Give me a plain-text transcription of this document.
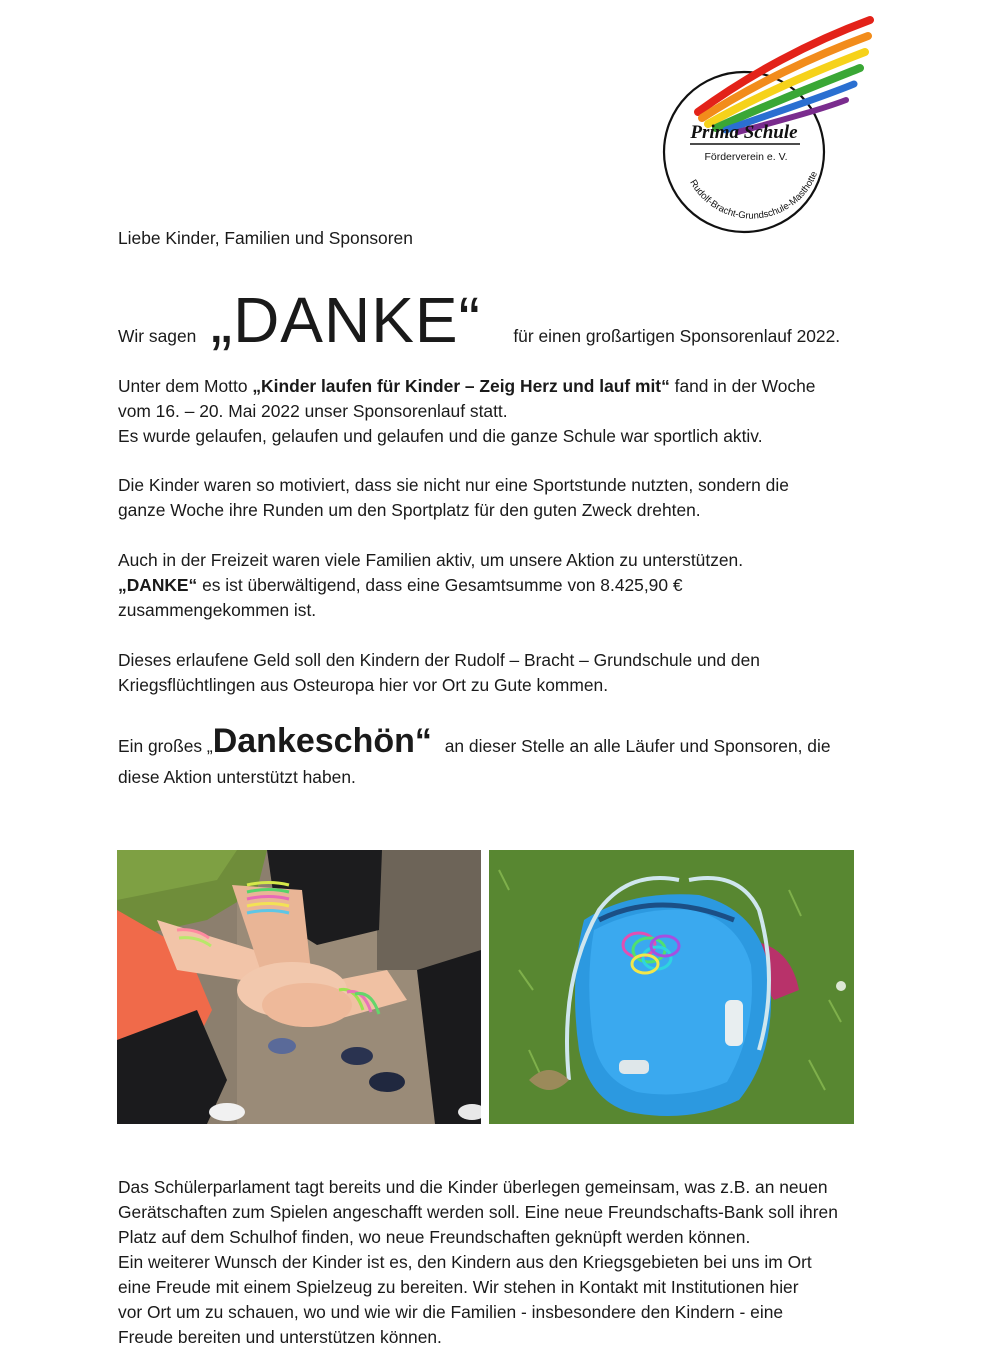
Prima Schule
Förderverein e. V.
Rudolf-Bracht-Grundschule-Masthotte

Liebe Kinder, Familien und Sponsoren

Wir sagen „DANKE“ für einen großartigen Sponsorenlauf 2022.

Unter dem Motto „Kinder laufen für Kinder – Zeig Herz und lauf mit“ fand in der Woche

vom 16. – 20. Mai 2022 unser Sponsorenlauf statt.

Es wurde gelaufen, gelaufen und gelaufen und die ganze Schule war sportlich aktiv.

Die Kinder waren so motiviert, dass sie nicht nur eine Sportstunde nutzten, sondern die

ganze Woche ihre Runden um den Sportplatz für den guten Zweck drehten.

Auch in der Freizeit waren viele Familien aktiv, um unsere Aktion zu unterstützen.

„DANKE“ es ist überwältigend, dass eine Gesamtsumme von 8.425,90 €

zusammengekommen ist.

Dieses erlaufene Geld soll den Kindern der Rudolf – Bracht – Grundschule und den

Kriegsflüchtlingen aus Osteuropa hier vor Ort zu Gute kommen.

Ein großes „Dankeschön“ an dieser Stelle an alle Läufer und Sponsoren, die

diese Aktion unterstützt haben.

Das Schülerparlament tagt bereits und die Kinder überlegen gemeinsam, was z.B. an neuen

Gerätschaften zum Spielen angeschafft werden soll. Eine neue Freundschafts-Bank soll ihren

Platz auf dem Schulhof finden, wo neue Freundschaften geknüpft werden können.

Ein weiterer Wunsch der Kinder ist es, den Kindern aus den Kriegsgebieten bei uns im Ort

eine Freude mit einem Spielzeug zu bereiten. Wir stehen in Kontakt mit Institutionen hier

vor Ort um zu schauen, wo und wie wir die Familien - insbesondere den Kindern - eine

Freude bereiten und unterstützen können.
